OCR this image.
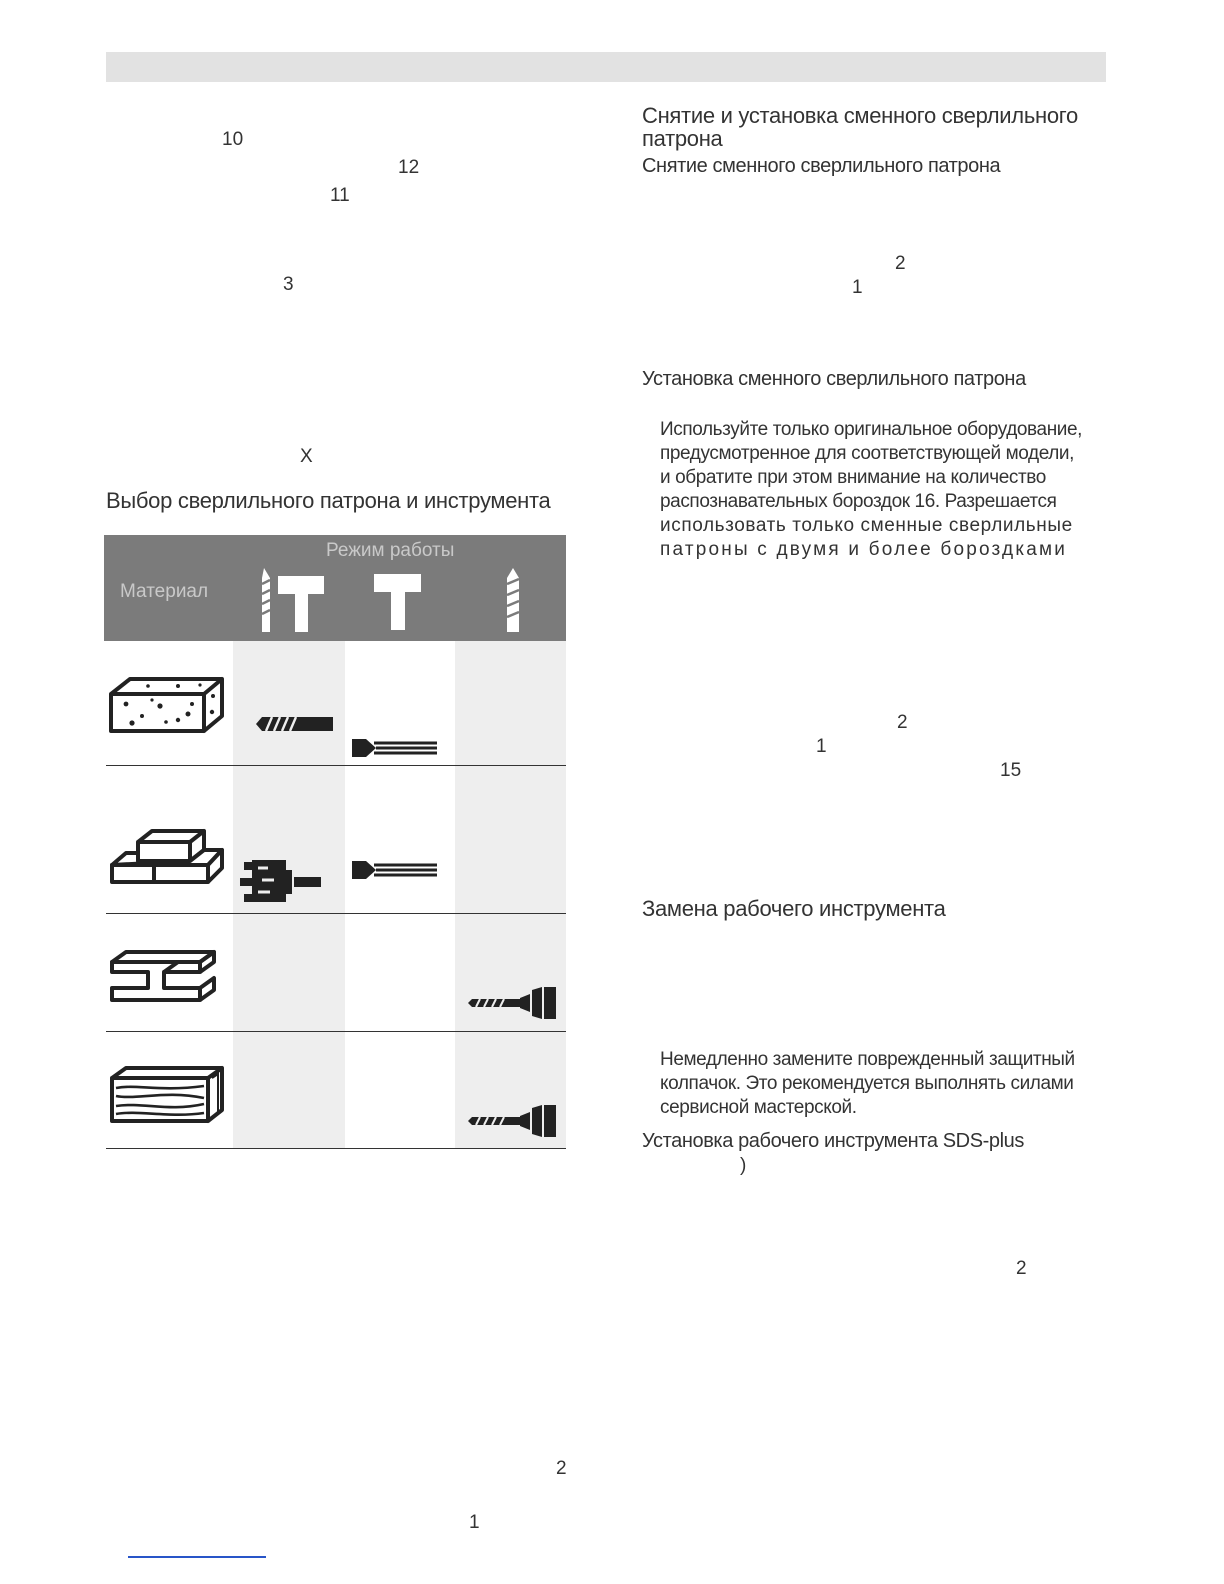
10
12
11
3
X
Выбор сверлильного патрона и инструмента
Режим работы
Материал
2
1
Снятие и установка сменного сверлильного патрона
Снятие сменного сверлильного патрона
2
1
Установка сменного сверлильного патрона
Используйте только оригинальное оборудование,
предусмотренное для соответствующей модели,
и обратите при этом внимание на количество
распознавательных бороздок 16. Разрешается
использовать только сменные сверлильные
патроны с двумя и более бороздками
2
1
15
Замена рабочего инструмента
Немедленно замените поврежденный защитный
колпачок. Это рекомендуется выполнять силами
сервисной мастерской.
Установка рабочего инструмента SDS-plus
)
2
